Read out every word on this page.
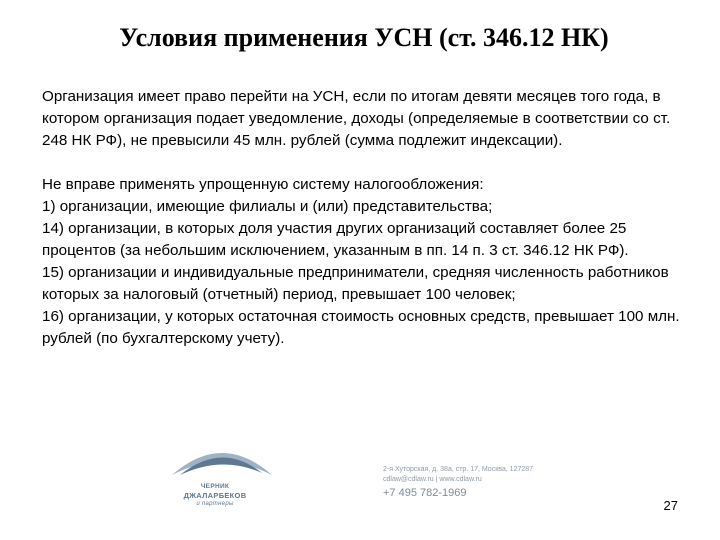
Условия применения УСН (ст. 346.12 НК)

Организация имеет право перейти на УСН, если по итогам девяти месяцев того года, в котором организация подает уведомление, доходы (определяемые в соответствии со ст. 248 НК РФ), не превысили 45 млн. рублей (сумма подлежит индексации).

Не вправе применять упрощенную систему налогообложения:

1) организации, имеющие филиалы и (или) представительства;

14) организации, в которых доля участия других организаций составляет более 25 процентов (за небольшим исключением, указанным в пп. 14 п. 3 ст. 346.12 НК РФ).

15) организации и индивидуальные предприниматели, средняя численность работников которых за налоговый (отчетный) период, превышает 100 человек;

16) организации, у которых остаточная стоимость основных средств, превышает 100 млн. рублей (по бухгалтерскому учету).

ЧЕРНИК
ДЖАЛАРБЕКОВ
и партнеры
2-я Хуторская, д. 38а, стр. 17, Москва, 127287
cdlaw@cdlaw.ru | www.cdlaw.ru
+7 495 782-1969
27
